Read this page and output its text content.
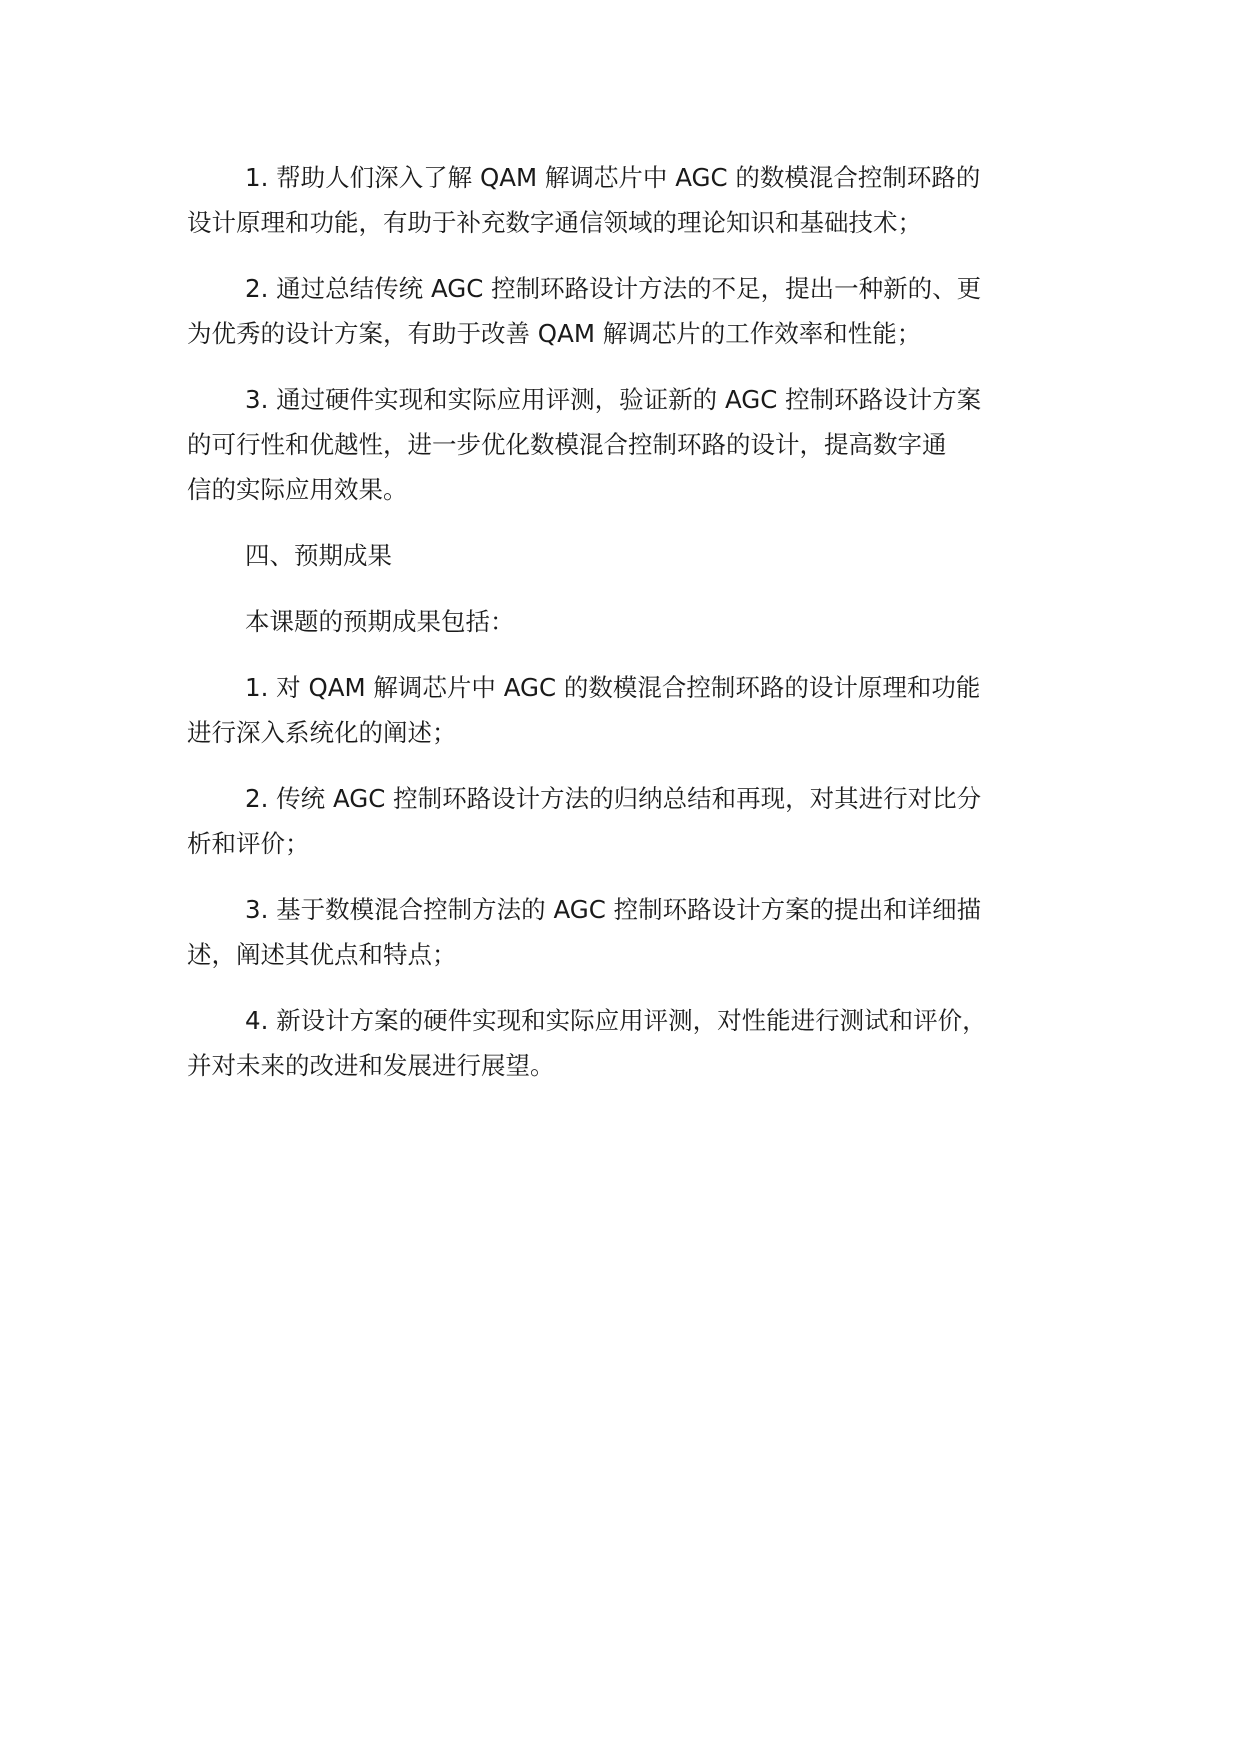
1. 帮助人们深入了解 QAM 解调芯片中 AGC 的数模混合控制环路的
设计原理和功能，有助于补充数字通信领域的理论知识和基础技术；

2. 通过总结传统 AGC 控制环路设计方法的不足，提出一种新的、更
为优秀的设计方案，有助于改善 QAM 解调芯片的工作效率和性能；

3. 通过硬件实现和实际应用评测，验证新的 AGC 控制环路设计方案
的可行性和优越性，进一步优化数模混合控制环路的设计，提高数字通
信的实际应用效果。

四、预期成果

本课题的预期成果包括：

1. 对 QAM 解调芯片中 AGC 的数模混合控制环路的设计原理和功能
进行深入系统化的阐述；

2. 传统 AGC 控制环路设计方法的归纳总结和再现，对其进行对比分
析和评价；

3. 基于数模混合控制方法的 AGC 控制环路设计方案的提出和详细描
述，阐述其优点和特点；

4. 新设计方案的硬件实现和实际应用评测，对性能进行测试和评价，
并对未来的改进和发展进行展望。
